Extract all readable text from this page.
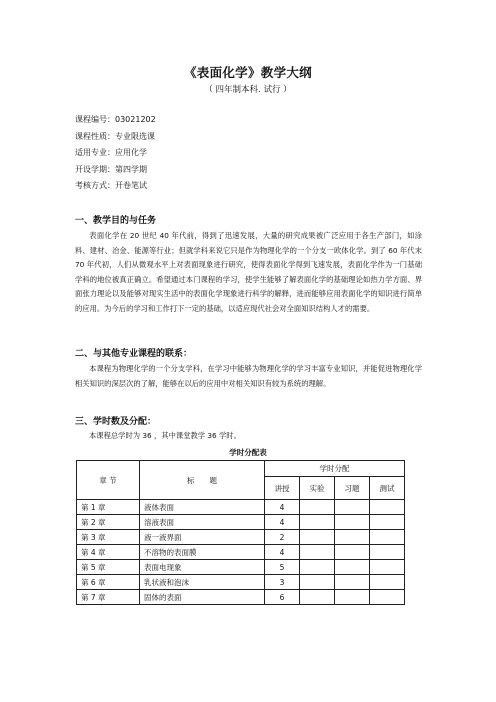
《表面化学》教学大纲
（ 四年制本科. 试行 ）
课程编号：03021202
课程性质：专业限选课
适用专业：应用化学
开设学期：第四学期
考核方式：开卷笔试
一、教学目的与任务
表面化学在 20 世纪 40 年代前，得到了迅速发展，大量的研究成果被广泛应用于各生产部门，如涂料、建材、冶金、能源等行业；但就学科来说它只是作为物理化学的一个分支一欧体化学。到了 60 年代末 70 年代初，人们从微观水平上对表面现象进行研究，使得表面化学得到飞速发展，表面化学作为一门基础学科的地位被真正确立。希望通过本门课程的学习，使学生能够了解表面化学的基础理论如热力学方面、界面张力理论以及能够对现实生活中的表面化学现象进行科学的解释，进而能够应用表面化学的知识进行简单的应用。为今后的学习和工作打下一定的基础，以适应现代社会对全面知识结构人才的需要。
二、与其他专业课程的联系：
本课程为物理化学的一个分支学科，在学习中能够为物理化学的学习丰富专业知识，并能促进物理化学相关知识的深层次的了解，能够在以后的应用中对相关知识有较为系统的理解。
三、学时数及分配：
本课程总学时为 36 ，其中课堂教学 36 学时。
学时分配表
章 节	标　　题	学时分配			
		讲授	实验	习题	测试
第 1 章	液体表面	4			
第 2 章	溶液表面	4			
第 3 章	液一液界面	2			
第 4 章	不溶物的表面膜	4			
第 5 章	表面电现象	5			
第 6 章	乳状液和泡沫	3			
第 7 章	固体的表面	6			
